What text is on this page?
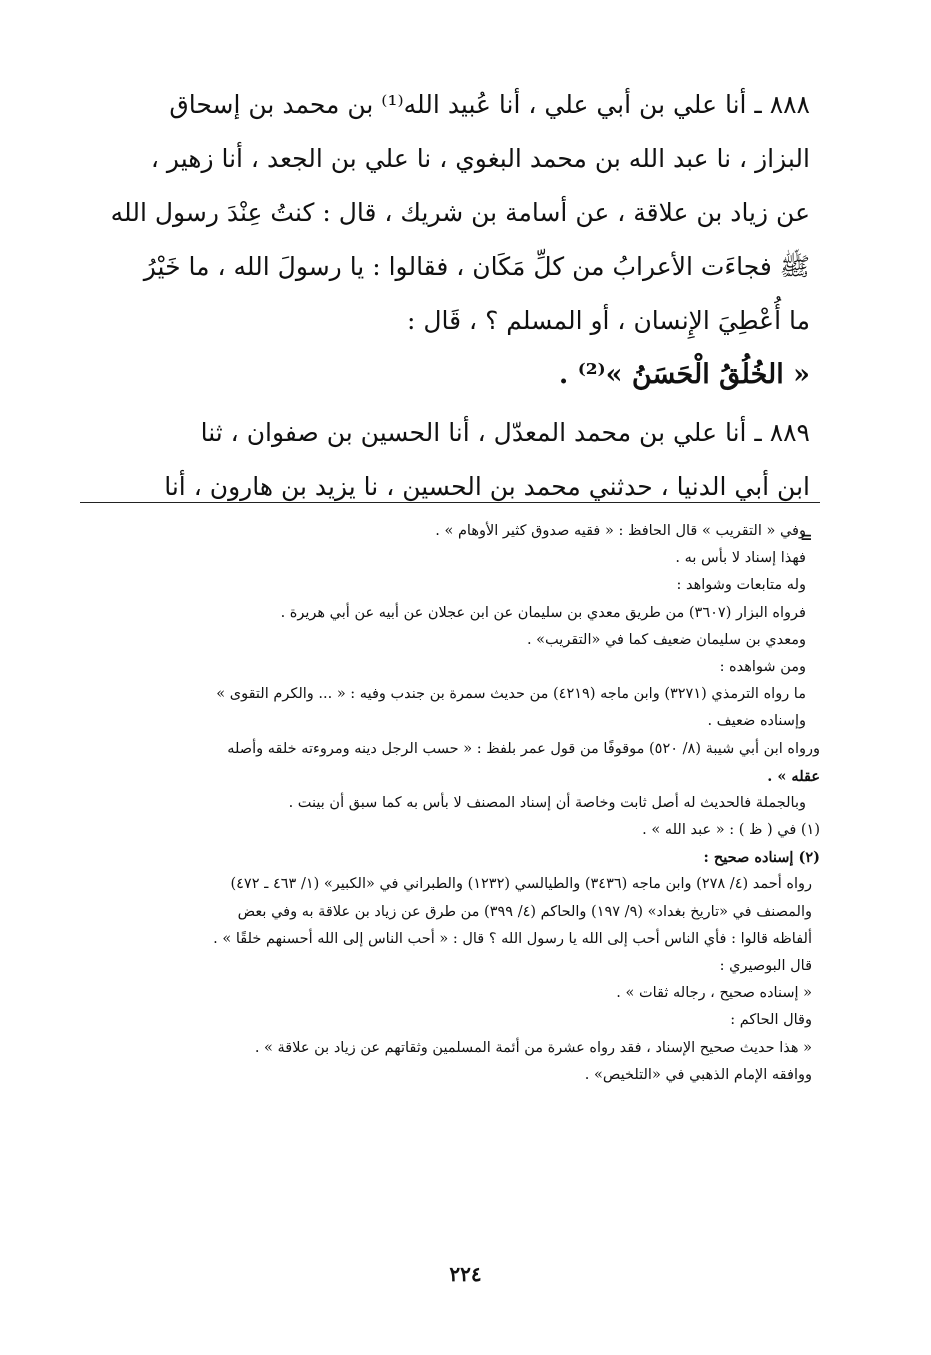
٨٨٨ ـ أنا علي بن أبي علي ، أنا عُبيد الله⁽¹⁾ بن محمد بن إسحاق
البزاز ، نا عبد الله بن محمد البغوي ، نا علي بن الجعد ، أنا زهير ،
عن زياد بن علاقة ، عن أسامة بن شريك ، قال : كنتُ عِنْدَ رسول الله
ﷺ فجاءَت الأعرابُ من كلِّ مَكَان ، فقالوا : يا رسولَ الله ، ما خَيْرُ
ما أُعْطِيَ الإِنسان ، أو المسلم ؟ ، قَال :
« الخُلُقُ الْحَسَنُ »⁽²⁾ .
٨٨٩ ـ أنا علي بن محمد المعدّل ، أنا الحسين بن صفوان ، ثنا
ابن أبي الدنيا ، حدثني محمد بن الحسين ، نا يزيد بن هارون ، أنا
=
وفي « التقريب » قال الحافظ : « فقيه صدوق كثير الأوهام » .
فهذا إسناد لا بأس به .
وله متابعات وشواهد :
فرواه البزار (٣٦٠٧) من طريق معدي بن سليمان عن ابن عجلان عن أبيه عن أبي هريرة .
ومعدي بن سليمان ضعيف كما في «التقريب» .
ومن شواهده :
ما رواه الترمذي (٣٢٧١) وابن ماجه (٤٢١٩) من حديث سمرة بن جندب وفيه : « ... والكرم التقوى »
وإسناده ضعيف .
ورواه ابن أبي شيبة (٨/ ٥٢٠) موقوفًا من قول عمر بلفظ : « حسب الرجل دينه ومروءته خلقه وأصله
عقله » .
وبالجملة فالحديث له أصل ثابت وخاصة أن إسناد المصنف لا بأس به كما سبق أن بينت .
(١) في ( ظ ) : « عبد الله » .
(٢) إسناده صحيح :
رواه أحمد (٤/ ٢٧٨) وابن ماجه (٣٤٣٦) والطيالسي (١٢٣٢) والطبراني في «الكبير» (١/ ٤٦٣ ـ ٤٧٢)
والمصنف في «تاريخ بغداد» (٩/ ١٩٧) والحاكم (٤/ ٣٩٩) من طرق عن زياد بن علاقة به وفي بعض
ألفاظه قالوا : فأي الناس أحب إلى الله يا رسول الله ؟ قال : « أحب الناس إلى الله أحسنهم خلقًا » .
قال البوصيري :
« إسناده صحيح ، رجاله ثقات » .
وقال الحاكم :
« هذا حديث صحيح الإسناد ، فقد رواه عشرة من أئمة المسلمين وثقاتهم عن زياد بن علاقة » .
ووافقه الإمام الذهبي في «التلخيص» .
٢٢٤
